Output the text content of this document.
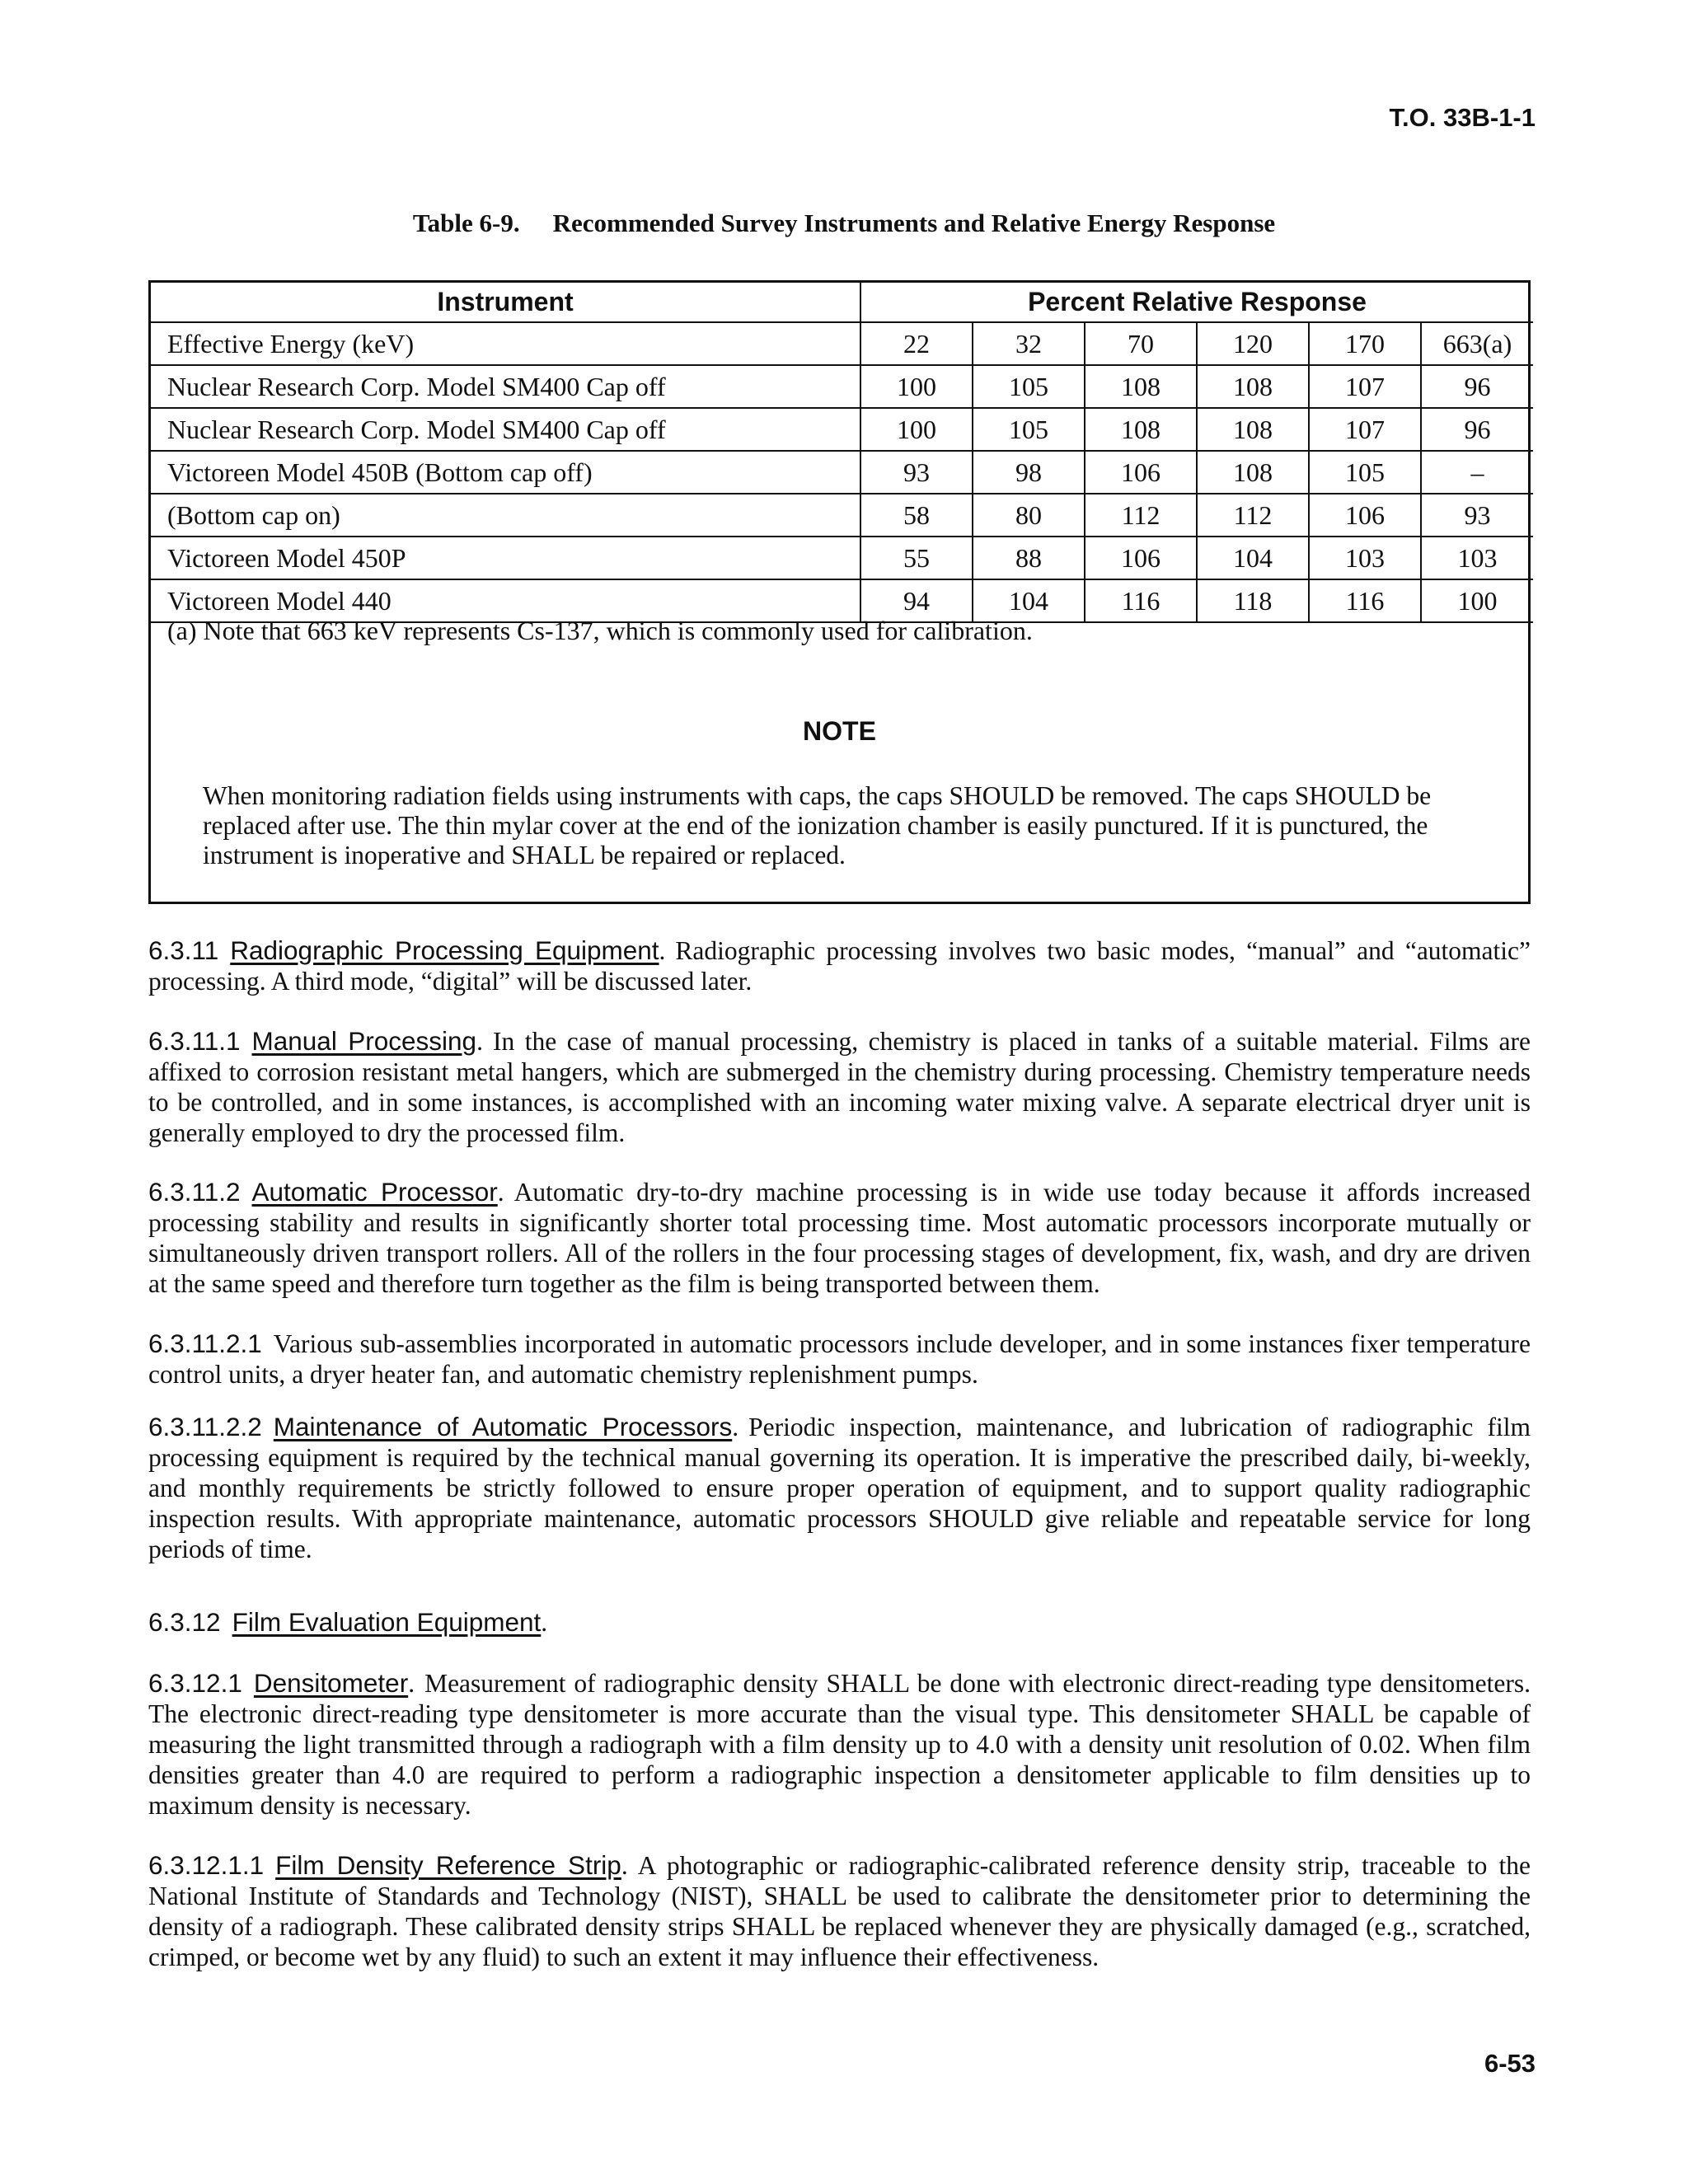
T.O. 33B-1-1
Table 6-9. Recommended Survey Instruments and Relative Energy Response
Instrument	Percent Relative Response					
Effective Energy (keV)	22	32	70	120	170	663(a)
Nuclear Research Corp. Model SM400 Cap off	100	105	108	108	107	96
Nuclear Research Corp. Model SM400 Cap off	100	105	108	108	107	96
Victoreen Model 450B (Bottom cap off)	93	98	106	108	105	–
(Bottom cap on)	58	80	112	112	106	93
Victoreen Model 450P	55	88	106	104	103	103
Victoreen Model 440	94	104	116	118	116	100
(a) Note that 663 keV represents Cs-137, which is commonly used for calibration.
NOTE
When monitoring radiation fields using instruments with caps, the caps SHOULD be removed. The caps SHOULD be replaced after use. The thin mylar cover at the end of the ionization chamber is easily punctured. If it is punctured, the instrument is inoperative and SHALL be repaired or replaced.
6.3.11 Radiographic Processing Equipment. Radiographic processing involves two basic modes, “manual” and “automatic” processing. A third mode, “digital” will be discussed later.
6.3.11.1 Manual Processing. In the case of manual processing, chemistry is placed in tanks of a suitable material. Films are affixed to corrosion resistant metal hangers, which are submerged in the chemistry during processing. Chemistry temperature needs to be controlled, and in some instances, is accomplished with an incoming water mixing valve. A separate electrical dryer unit is generally employed to dry the processed film.
6.3.11.2 Automatic Processor. Automatic dry-to-dry machine processing is in wide use today because it affords increased processing stability and results in significantly shorter total processing time. Most automatic processors incorporate mutually or simultaneously driven transport rollers. All of the rollers in the four processing stages of development, fix, wash, and dry are driven at the same speed and therefore turn together as the film is being transported between them.
6.3.11.2.1 Various sub-assemblies incorporated in automatic processors include developer, and in some instances fixer temperature control units, a dryer heater fan, and automatic chemistry replenishment pumps.
6.3.11.2.2 Maintenance of Automatic Processors. Periodic inspection, maintenance, and lubrication of radiographic film processing equipment is required by the technical manual governing its operation. It is imperative the prescribed daily, bi-weekly, and monthly requirements be strictly followed to ensure proper operation of equipment, and to support quality radiographic inspection results. With appropriate maintenance, automatic processors SHOULD give reliable and repeatable service for long periods of time.
6.3.12 Film Evaluation Equipment.
6.3.12.1 Densitometer. Measurement of radiographic density SHALL be done with electronic direct-reading type densitometers. The electronic direct-reading type densitometer is more accurate than the visual type. This densitometer SHALL be capable of measuring the light transmitted through a radiograph with a film density up to 4.0 with a density unit resolution of 0.02. When film densities greater than 4.0 are required to perform a radiographic inspection a densitometer applicable to film densities up to maximum density is necessary.
6.3.12.1.1 Film Density Reference Strip. A photographic or radiographic-calibrated reference density strip, traceable to the National Institute of Standards and Technology (NIST), SHALL be used to calibrate the densitometer prior to determining the density of a radiograph. These calibrated density strips SHALL be replaced whenever they are physically damaged (e.g., scratched, crimped, or become wet by any fluid) to such an extent it may influence their effectiveness.
6-53
